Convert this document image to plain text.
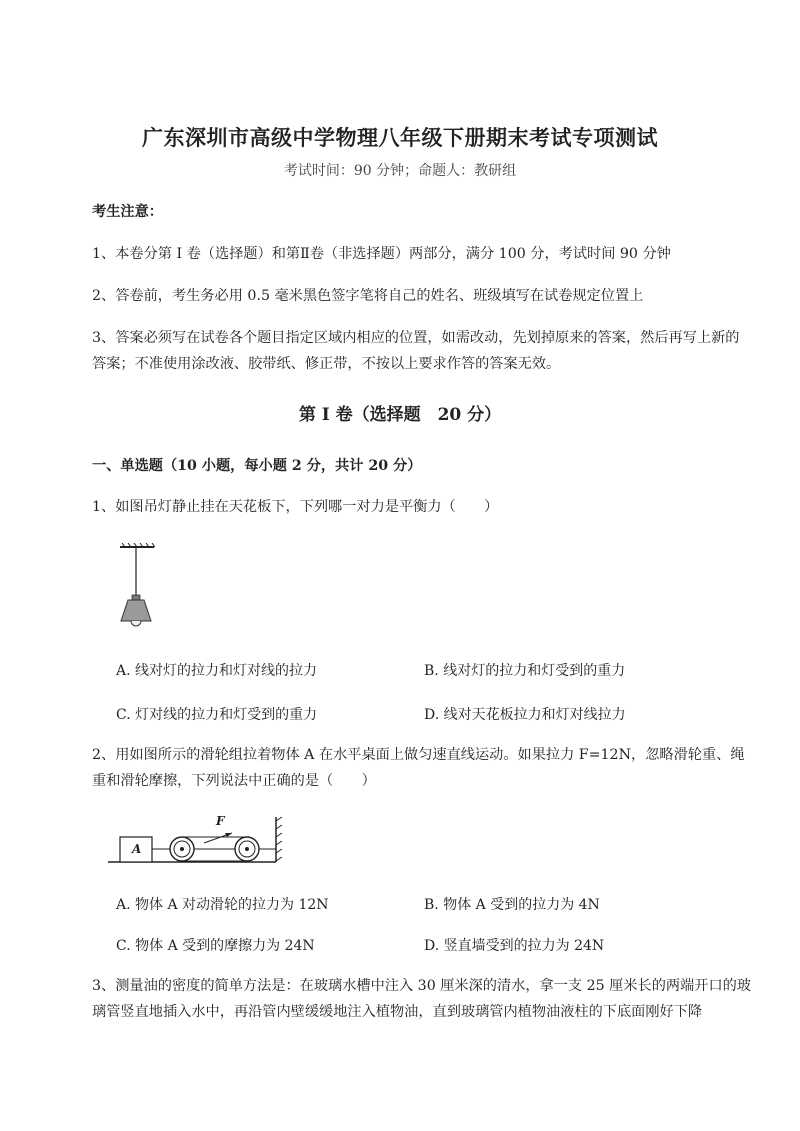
广东深圳市高级中学物理八年级下册期末考试专项测试
考试时间：90 分钟；命题人：教研组
考生注意：
1、本卷分第 I 卷（选择题）和第Ⅱ卷（非选择题）两部分，满分 100 分，考试时间 90 分钟
2、答卷前，考生务必用 0.5 毫米黑色签字笔将自己的姓名、班级填写在试卷规定位置上
3、答案必须写在试卷各个题目指定区域内相应的位置，如需改动，先划掉原来的答案，然后再写上新的答案；不准使用涂改液、胶带纸、修正带，不按以上要求作答的答案无效。
第 I 卷（选择题　20 分）
一、单选题（10 小题，每小题 2 分，共计 20 分）
1、如图吊灯静止挂在天花板下，下列哪一对力是平衡力（　　）
A. 线对灯的拉力和灯对线的拉力	B. 线对灯的拉力和灯受到的重力
C. 灯对线的拉力和灯受到的重力	D. 线对天花板拉力和灯对线拉力
2、用如图所示的滑轮组拉着物体 A 在水平桌面上做匀速直线运动。如果拉力 F=12N，忽略滑轮重、绳重和滑轮摩擦，下列说法中正确的是（　　）
F
A
A. 物体 A 对动滑轮的拉力为 12N	B. 物体 A 受到的拉力为 4N
C. 物体 A 受到的摩擦力为 24N	D. 竖直墙受到的拉力为 24N
3、测量油的密度的简单方法是：在玻璃水槽中注入 30 厘米深的清水，拿一支 25 厘米长的两端开口的玻璃管竖直地插入水中，再沿管内壁缓缓地注入植物油，直到玻璃管内植物油液柱的下底面刚好下降
